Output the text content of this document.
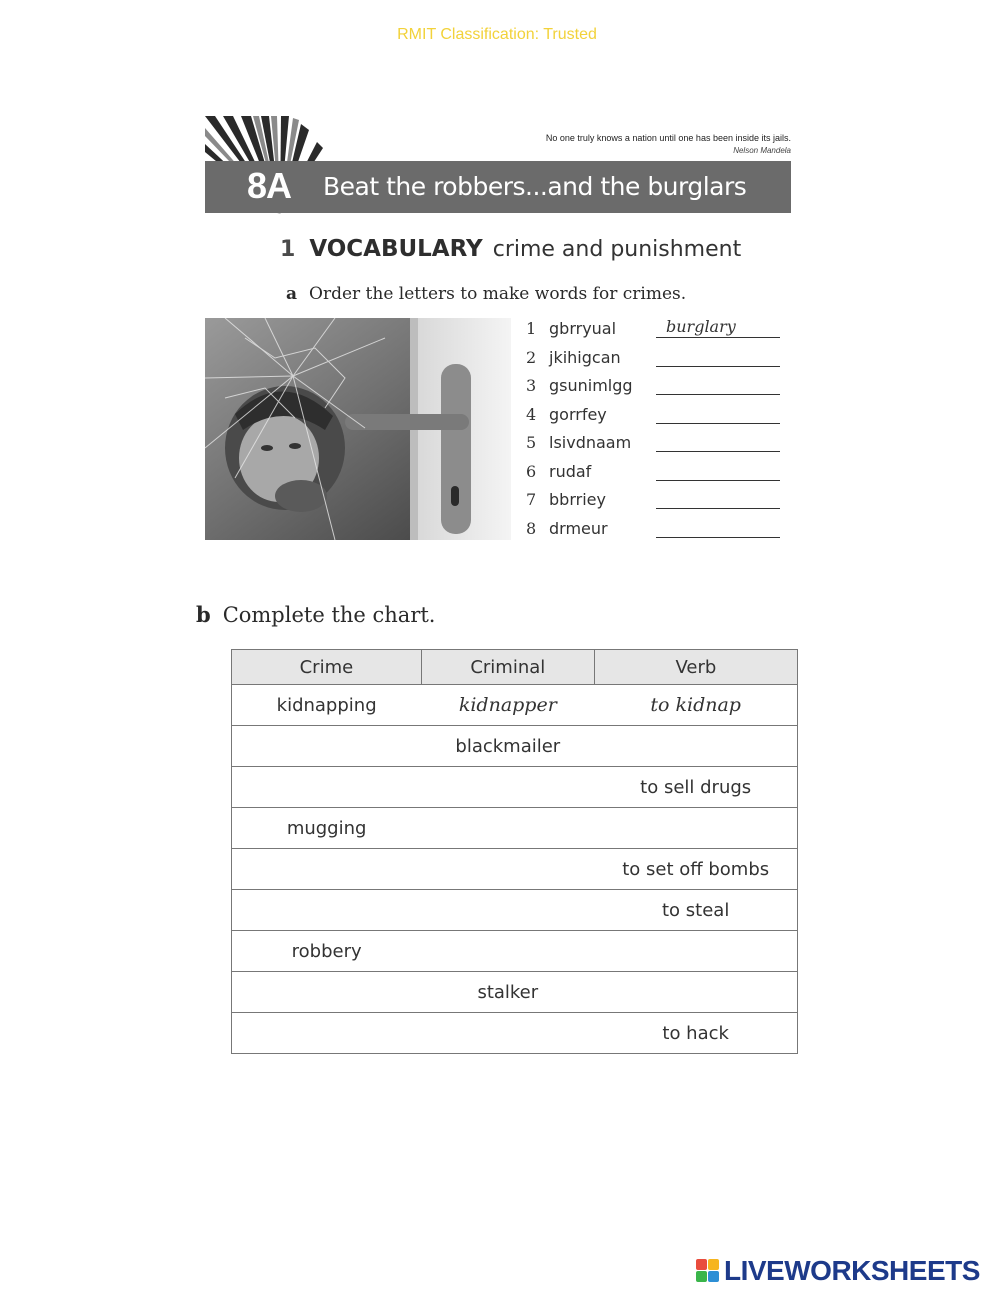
RMIT Classification: Trusted
No one truly knows a nation until one has been inside its jails.
Nelson Mandela
8A Beat the robbers...and the burglars
1 VOCABULARY crime and punishment
a Order the letters to make words for crimes.
1 gbrryual	burglary
2 jkihigcan
3 gsunimlgg
4 gorrfey
5 lsivdnaam
6 rudaf
7 bbrriey
8 drmeur
b Complete the chart.
Crime	Criminal	Verb
kidnapping	kidnapper	to kidnap
	blackmailer	
		to sell drugs
mugging		
		to set off bombs
		to steal
robbery		
	stalker	
		to hack
LIVEWORKSHEETS
